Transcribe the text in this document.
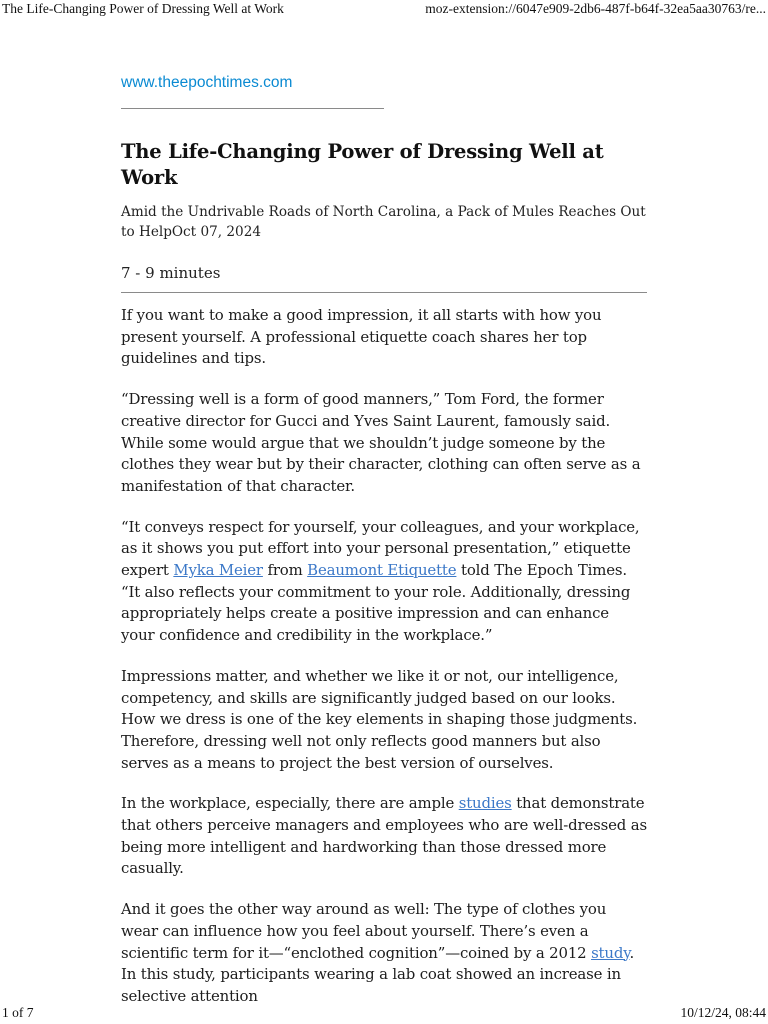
The Life-Changing Power of Dressing Well at Work	moz-extension://6047e909-2db6-487f-b64f-32ea5aa30763/re...
www.theepochtimes.com
The Life-Changing Power of Dressing Well at Work
Amid the Undrivable Roads of North Carolina, a Pack of Mules Reaches Out to HelpOct 07, 2024
7 - 9 minutes

If you want to make a good impression, it all starts with how you present yourself. A professional etiquette coach shares her top guidelines and tips.

“Dressing well is a form of good manners,” Tom Ford, the former creative director for Gucci and Yves Saint Laurent, famously said. While some would argue that we shouldn’t judge someone by the clothes they wear but by their character, clothing can often serve as a manifestation of that character.

“It conveys respect for yourself, your colleagues, and your workplace, as it shows you put effort into your personal presentation,” etiquette expert Myka Meier from Beaumont Etiquette told The Epoch Times. “It also reflects your commitment to your role. Additionally, dressing appropriately helps create a positive impression and can enhance your confidence and credibility in the workplace.”

Impressions matter, and whether we like it or not, our intelligence, competency, and skills are significantly judged based on our looks. How we dress is one of the key elements in shaping those judgments. Therefore, dressing well not only reflects good manners but also serves as a means to project the best version of ourselves.

In the workplace, especially, there are ample studies that demonstrate that others perceive managers and employees who are well-dressed as being more intelligent and hardworking than those dressed more casually.

And it goes the other way around as well: The type of clothes you wear can influence how you feel about yourself. There’s even a scientific term for it—“enclothed cognition”—coined by a 2012 study. In this study, participants wearing a lab coat showed an increase in selective attention

1 of 7	10/12/24, 08:44
